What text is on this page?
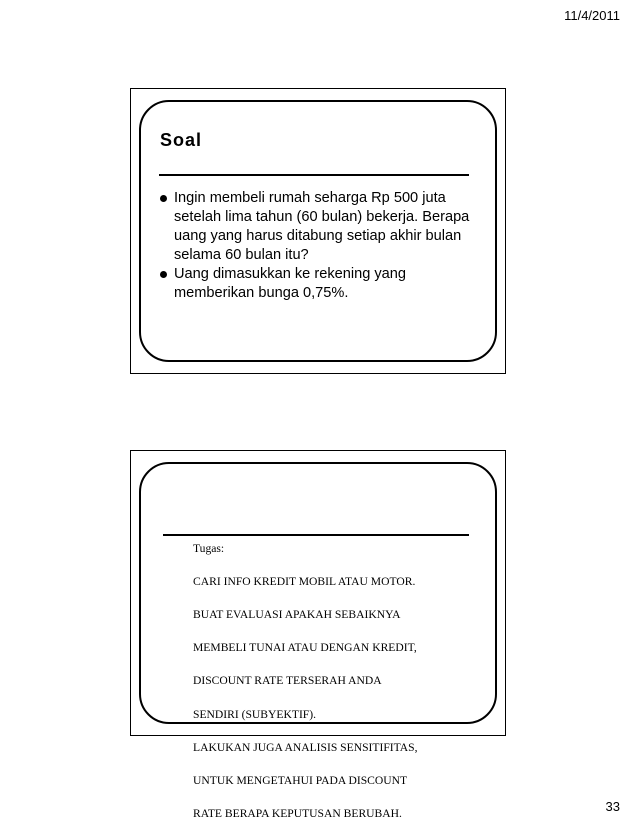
11/4/2011
Soal
Ingin membeli rumah seharga Rp 500 juta setelah lima tahun (60 bulan) bekerja. Berapa uang yang harus ditabung setiap akhir bulan selama 60 bulan itu?
Uang dimasukkan ke rekening yang memberikan bunga 0,75%.

Tugas:

CARI INFO KREDIT MOBIL ATAU MOTOR.

BUAT EVALUASI APAKAH SEBAIKNYA

MEMBELI TUNAI ATAU DENGAN KREDIT,

DISCOUNT RATE TERSERAH ANDA

SENDIRI (SUBYEKTIF).

LAKUKAN JUGA ANALISIS SENSITIFITAS,

UNTUK MENGETAHUI PADA DISCOUNT

RATE BERAPA KEPUTUSAN BERUBAH.	33
